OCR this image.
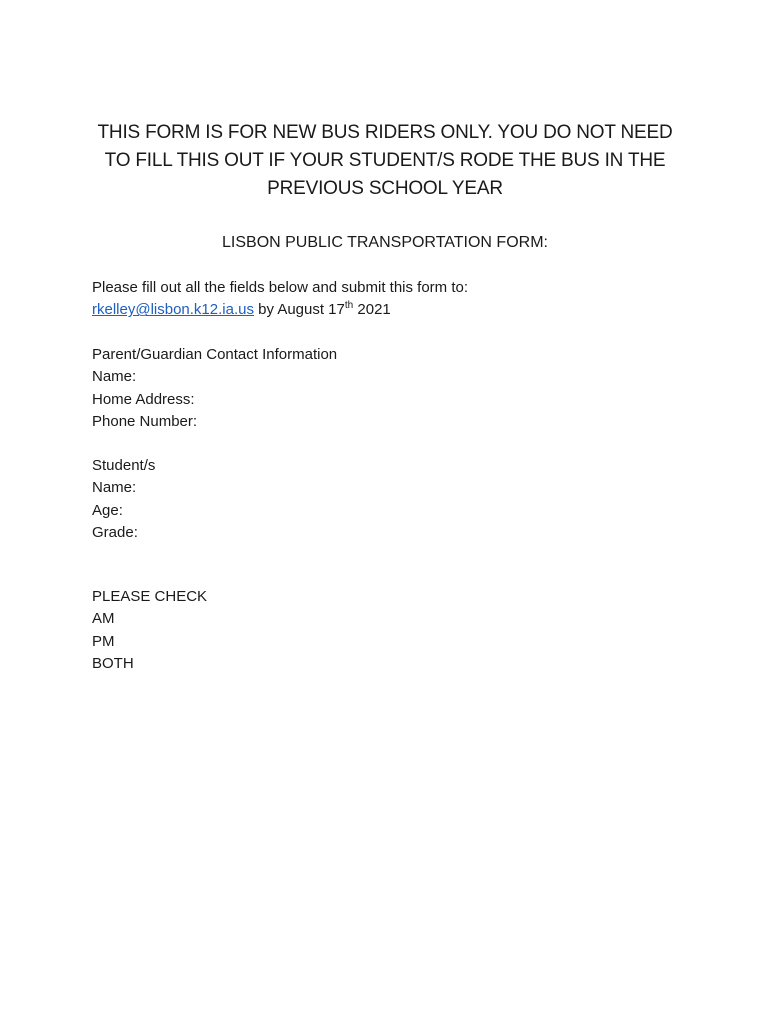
THIS FORM IS FOR NEW BUS RIDERS ONLY. YOU DO NOT NEED
TO FILL THIS OUT IF YOUR STUDENT/S RODE THE BUS IN THE
PREVIOUS SCHOOL YEAR
LISBON PUBLIC TRANSPORTATION FORM:
Please fill out all the fields below and submit this form to:
rkelley@lisbon.k12.ia.us by August 17th 2021
Parent/Guardian Contact Information
Name:
Home Address:
Phone Number:
Student/s
Name:
Age:
Grade:
PLEASE CHECK
AM
PM
BOTH
